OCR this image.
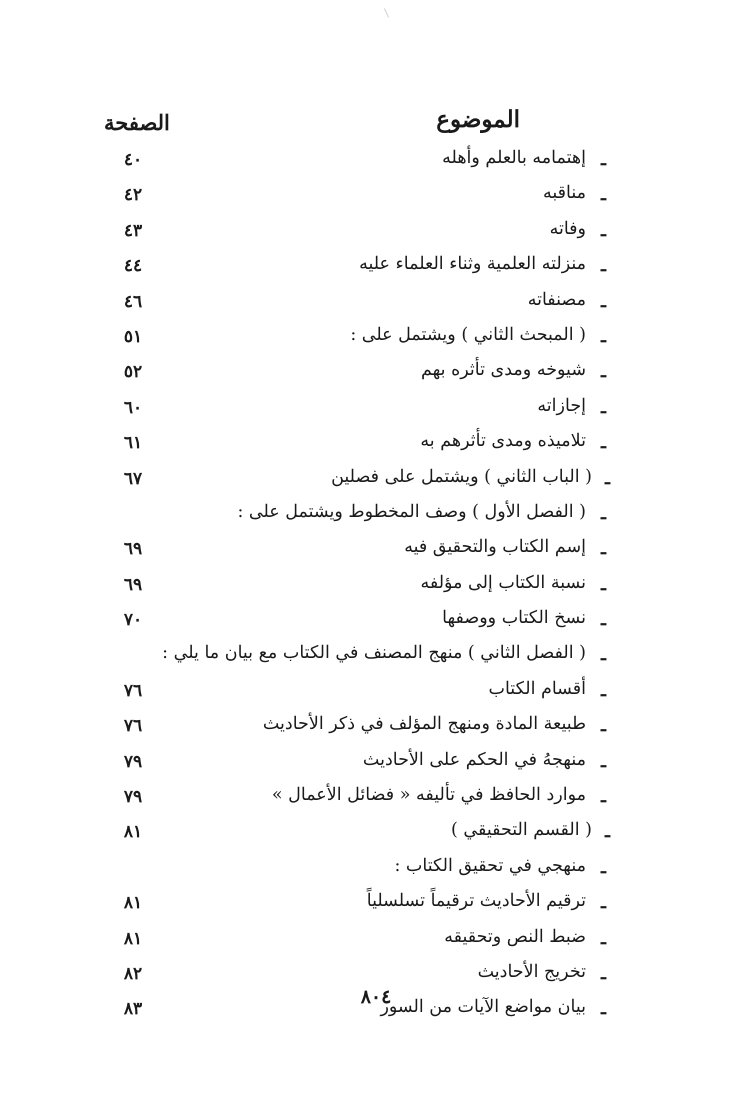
الموضوع
الصفحة
ـ
إهتمامه بالعلم وأهله
٤٠
ـ
مناقبه
٤٢
ـ
وفاته
٤٣
ـ
منزلته العلمية وثناء العلماء عليه
٤٤
ـ
مصنفاته
٤٦
ـ
( المبحث الثاني ) ويشتمل على :
٥١
ـ
شيوخه ومدى تأثره بهم
٥٢
ـ
إجازاته
٦٠
ـ
تلاميذه ومدى تأثرهم به
٦١
ـ
( الباب الثاني ) ويشتمل على فصلين
٦٧
ـ
( الفصل الأول ) وصف المخطوط ويشتمل على :
ـ
إسم الكتاب والتحقيق فيه
٦٩
ـ
نسبة الكتاب إلى مؤلفه
٦٩
ـ
نسخ الكتاب ووصفها
٧٠
ـ
( الفصل الثاني ) منهج المصنف في الكتاب مع بيان ما يلي :
ـ
أقسام الكتاب
٧٦
ـ
طبيعة المادة ومنهج المؤلف في ذكر الأحاديث
٧٦
ـ
منهجهُ في الحكم على الأحاديث
٧٩
ـ
موارد الحافظ في تأليفه « فضائل الأعمال »
٧٩
ـ
( القسم التحقيقي )
٨١
ـ
منهجي في تحقيق الكتاب :
ـ
ترقيم الأحاديث ترقيماً تسلسلياً
٨١
ـ
ضبط النص وتحقيقه
٨١
ـ
تخريج الأحاديث
٨٢
ـ
بيان مواضع الآيات من السور
٨٣
٨٠٤
